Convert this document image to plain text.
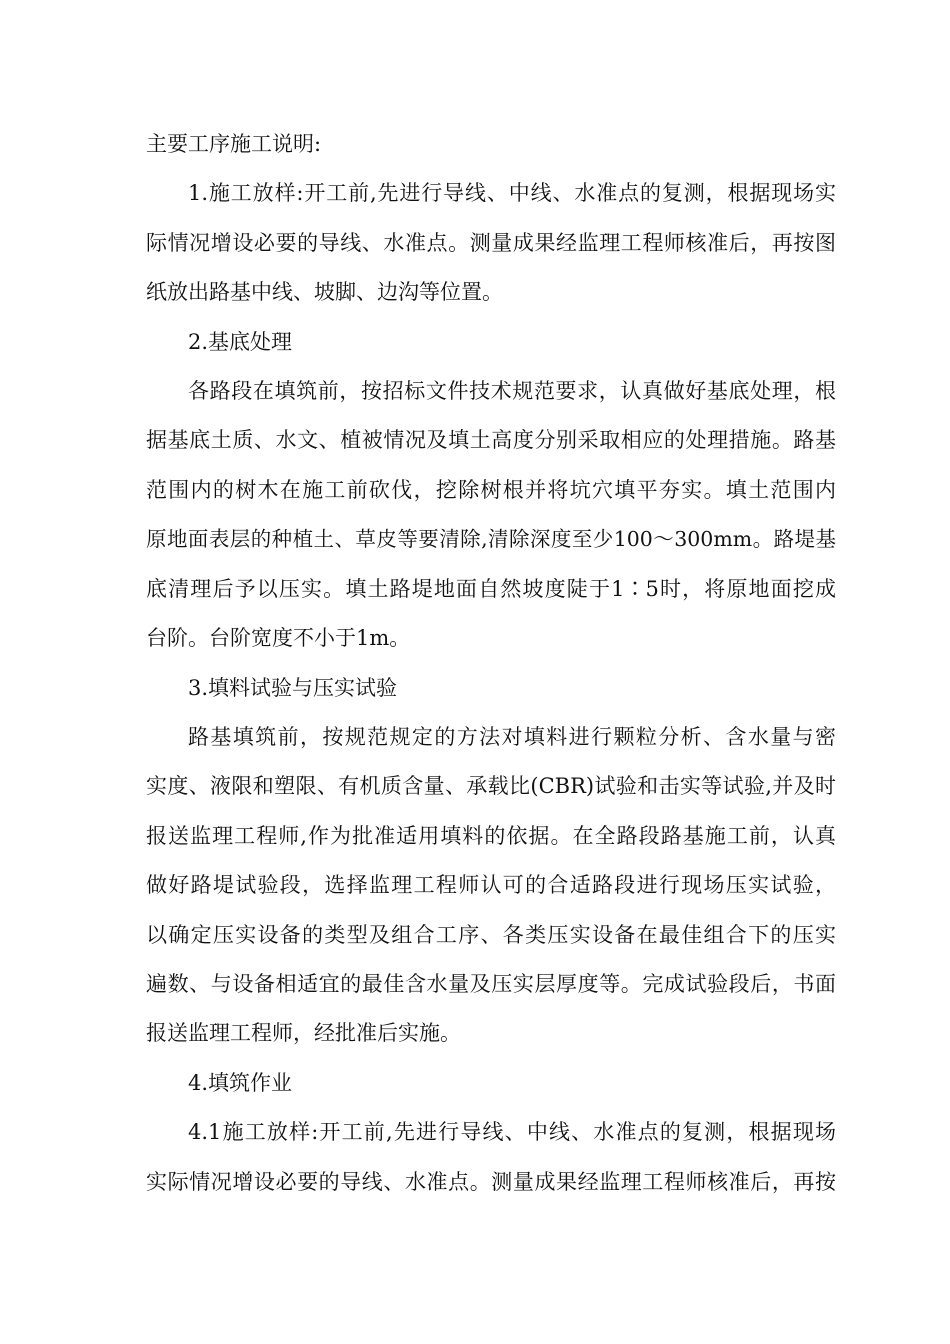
主要工序施工说明:
1.施工放样:开工前,先进行导线、中线、水准点的复测，根据现场实
际情况增设必要的导线、水准点。测量成果经监理工程师核准后，再按图
纸放出路基中线、坡脚、边沟等位置。
2.基底处理
各路段在填筑前，按招标文件技术规范要求，认真做好基底处理，根
据基底土质、水文、植被情况及填土高度分别采取相应的处理措施。路基
范围内的树木在施工前砍伐，挖除树根并将坑穴填平夯实。填土范围内
原地面表层的种植土、草皮等要清除,清除深度至少100～300mm。路堤基
底清理后予以压实。填土路堤地面自然坡度陡于1∶5时，将原地面挖成
台阶。台阶宽度不小于1m。
3.填料试验与压实试验
路基填筑前，按规范规定的方法对填料进行颗粒分析、含水量与密
实度、液限和塑限、有机质含量、承载比(CBR)试验和击实等试验,并及时
报送监理工程师,作为批准适用填料的依据。在全路段路基施工前，认真
做好路堤试验段，选择监理工程师认可的合适路段进行现场压实试验，
以确定压实设备的类型及组合工序、各类压实设备在最佳组合下的压实
遍数、与设备相适宜的最佳含水量及压实层厚度等。完成试验段后，书面
报送监理工程师，经批准后实施。
4.填筑作业
4.1施工放样:开工前,先进行导线、中线、水准点的复测，根据现场
实际情况增设必要的导线、水准点。测量成果经监理工程师核准后，再按
